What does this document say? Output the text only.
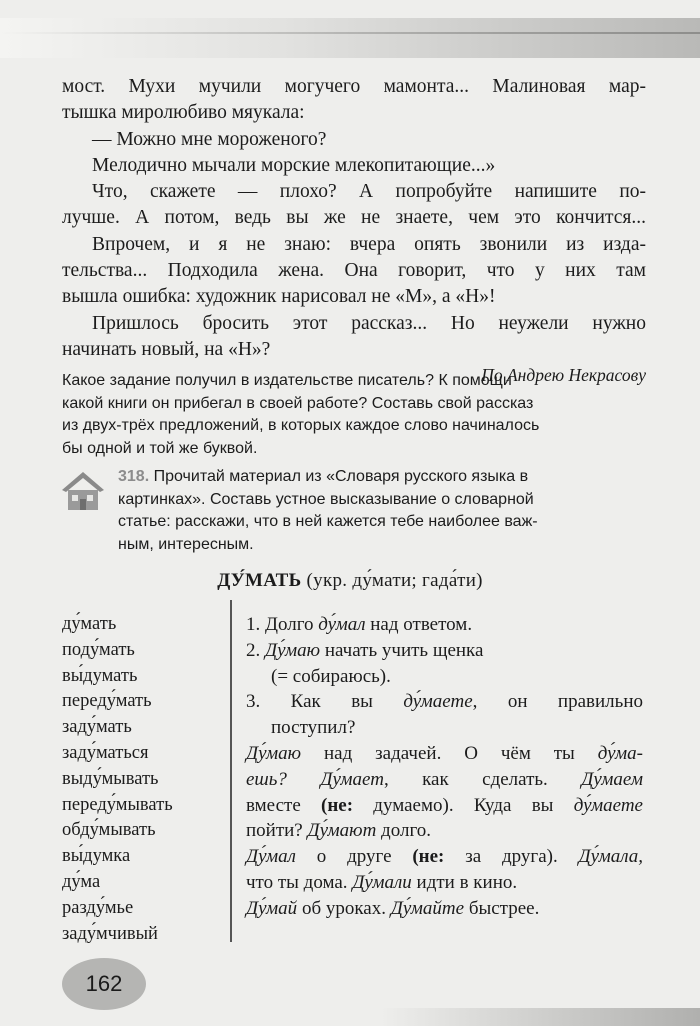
мост. Мухи мучили могучего мамонта... Малиновая мар-
тышка миролюбиво мяукала:
— Можно мне мороженого?
Мелодично мычали морские млекопитающие...»
Что, скажете — плохо? А попробуйте напишите по-
лучше. А потом, ведь вы же не знаете, чем это кончится...
Впрочем, и я не знаю: вчера опять звонили из изда-
тельства... Подходила жена. Она говорит, что у них там
вышла ошибка: художник нарисовал не «М», а «Н»!
Пришлось бросить этот рассказ... Но неужели нужно
начинать новый, на «Н»?
По Андрею Некрасову
Какое задание получил в издательстве писатель? К помощи
какой книги он прибегал в своей работе? Составь свой рассказ
из двух-трёх предложений, в которых каждое слово начиналось
бы одной и той же буквой.
318. Прочитай материал из «Словаря русского языка в
картинках». Составь устное высказывание о словарной
статье: расскажи, что в ней кажется тебе наиболее важ-
ным, интересным.
ДУ́МАТЬ (укр. ду́мати; гада́ти)
ду́мать
поду́мать
вы́думать
переду́мать
заду́мать
заду́маться
выду́мывать
переду́мывать
обду́мывать
вы́думка
ду́ма
разду́мье
заду́мчивый
1. Долго ду́мал над ответом.
2. Ду́маю начать учить щенка
(= собираюсь).
3. Как вы ду́маете, он правильно
поступил?
Ду́маю над задачей. О чём ты ду́ма-
ешь? Ду́мает, как сделать. Ду́маем
вместе (не: думаемо). Куда вы ду́маете
пойти? Ду́мают долго.
Ду́мал о друге (не: за друга). Ду́мала,
что ты дома. Ду́мали идти в кино.
Ду́май об уроках. Ду́майте быстрее.
162
